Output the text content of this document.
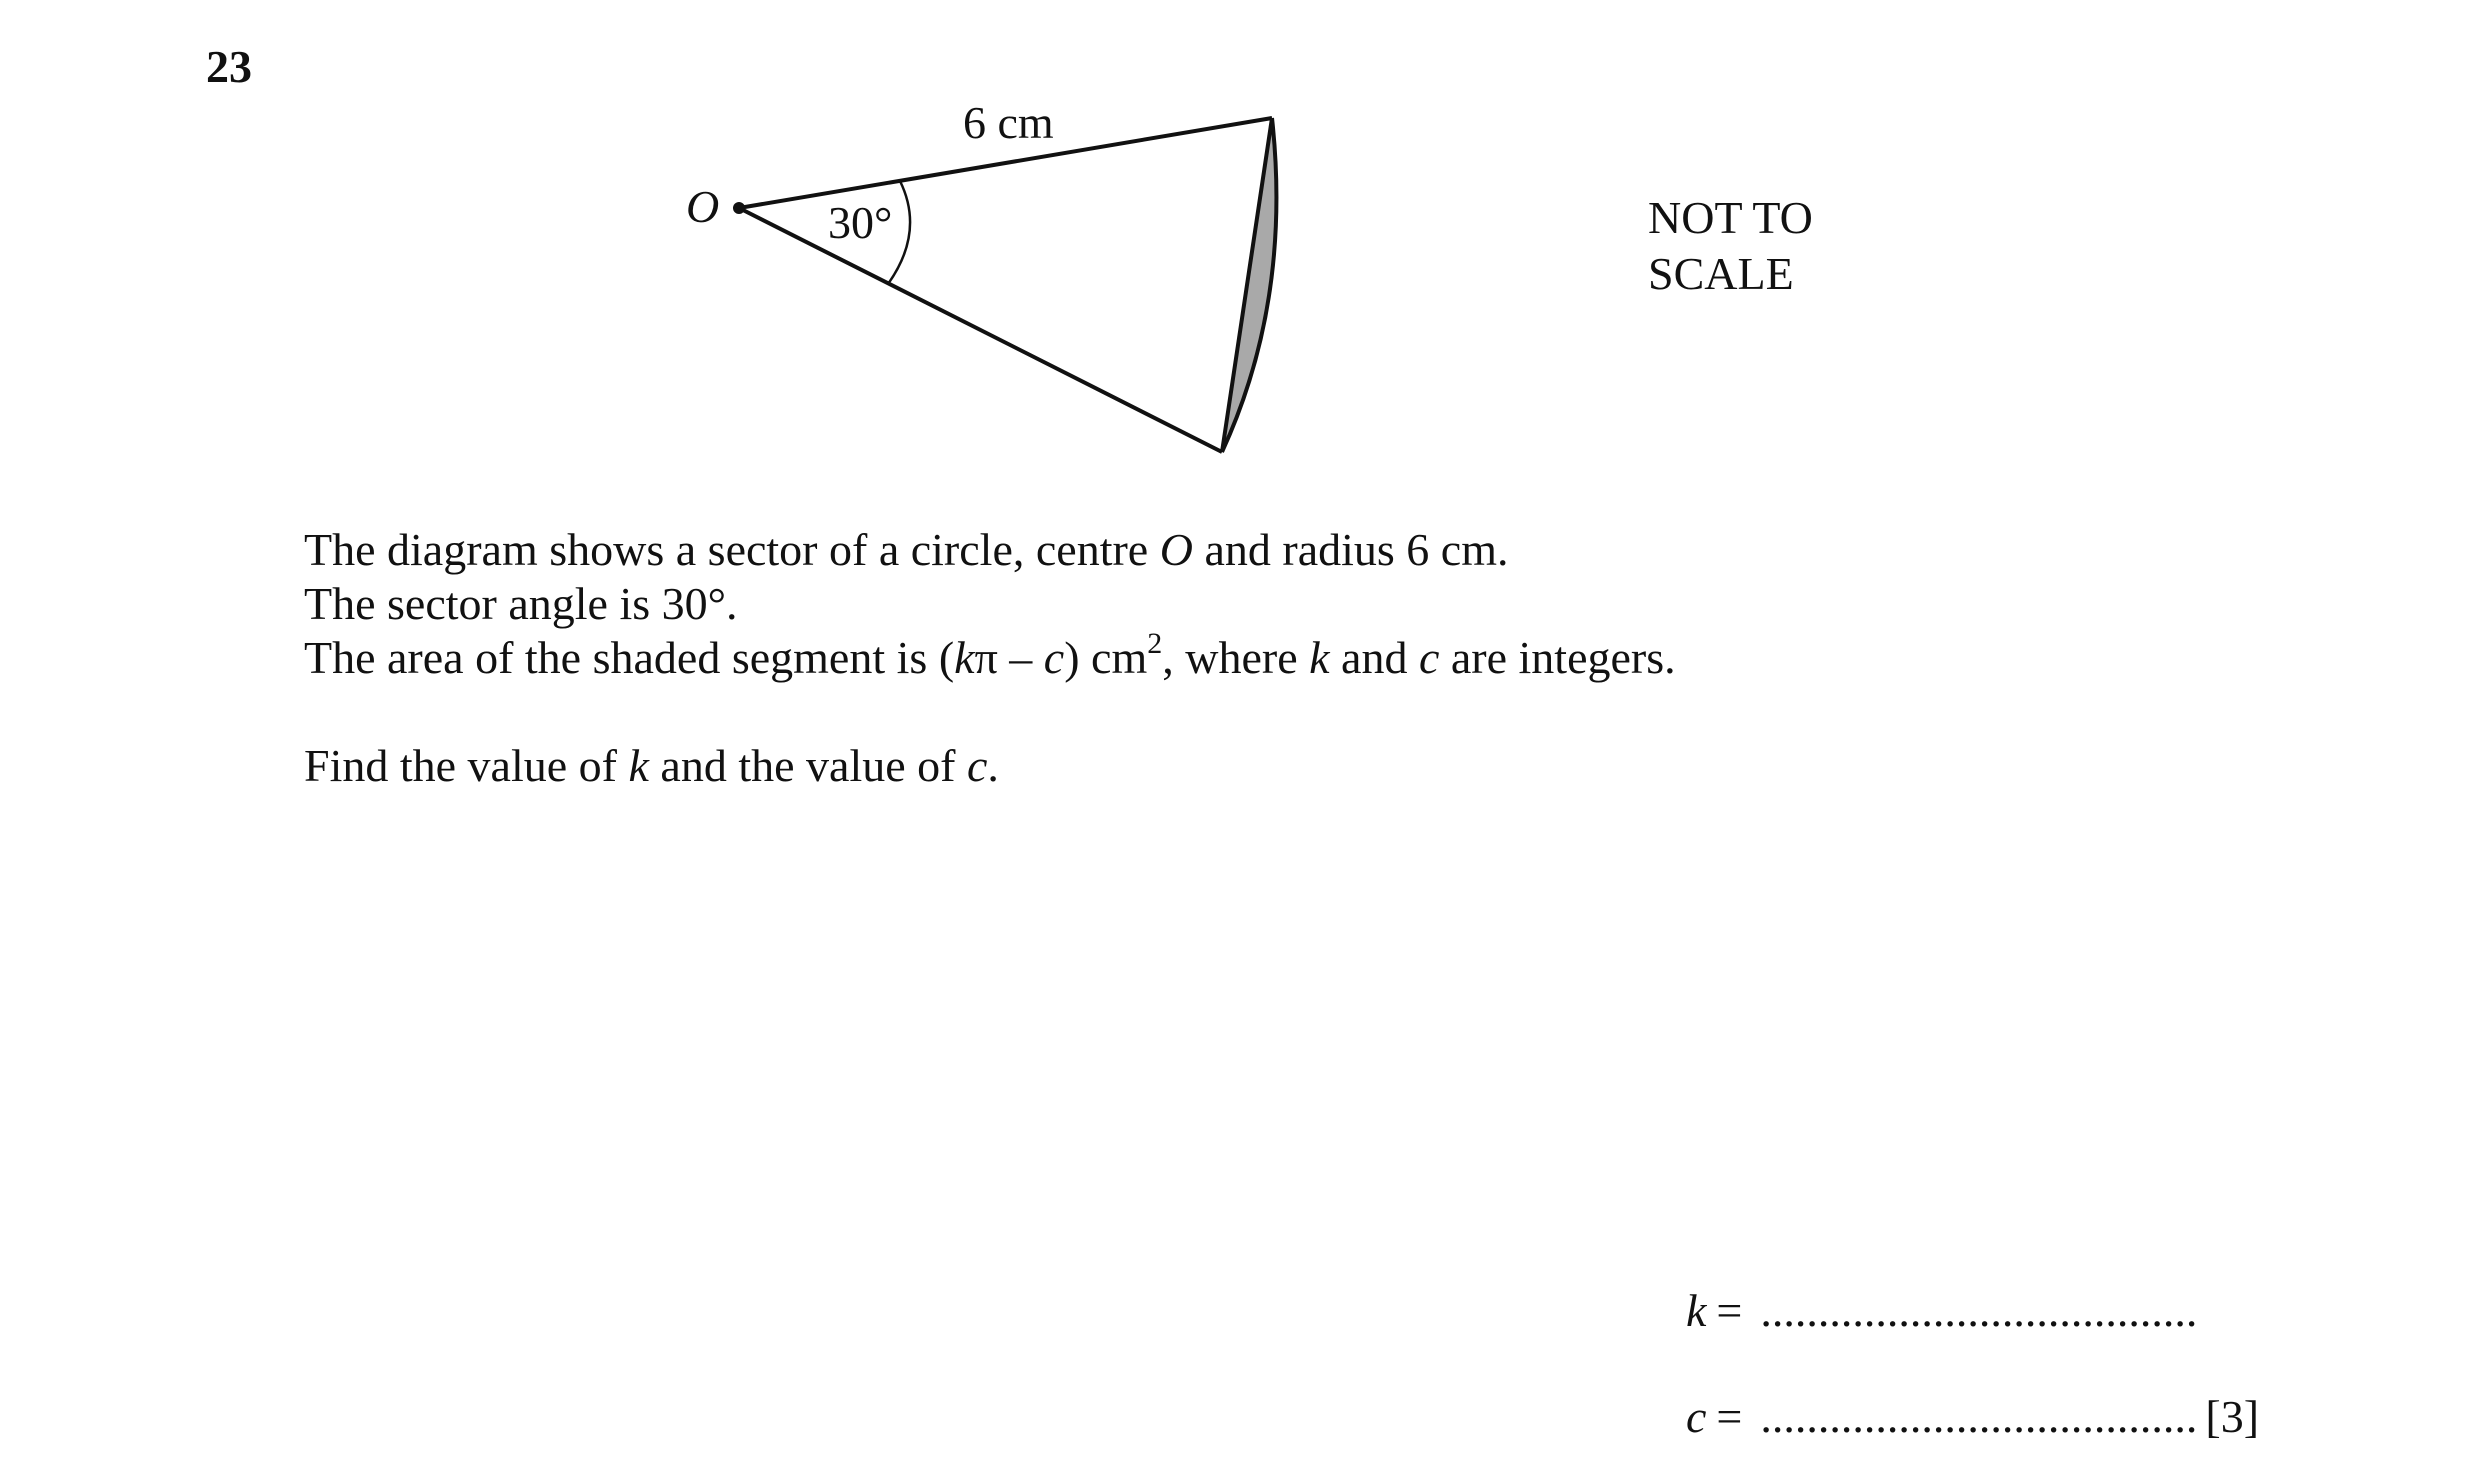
23
O
6 cm
30°	NOT TO
SCALE
The diagram shows a sector of a circle, centre O and radius 6 cm.
The sector angle is 30°.
The area of the shaded segment is (kπ – c) $cm^2$, where k and c are integers.
Find the value of k and the value of c.
k = ......................................
c = ...................................... [3]
